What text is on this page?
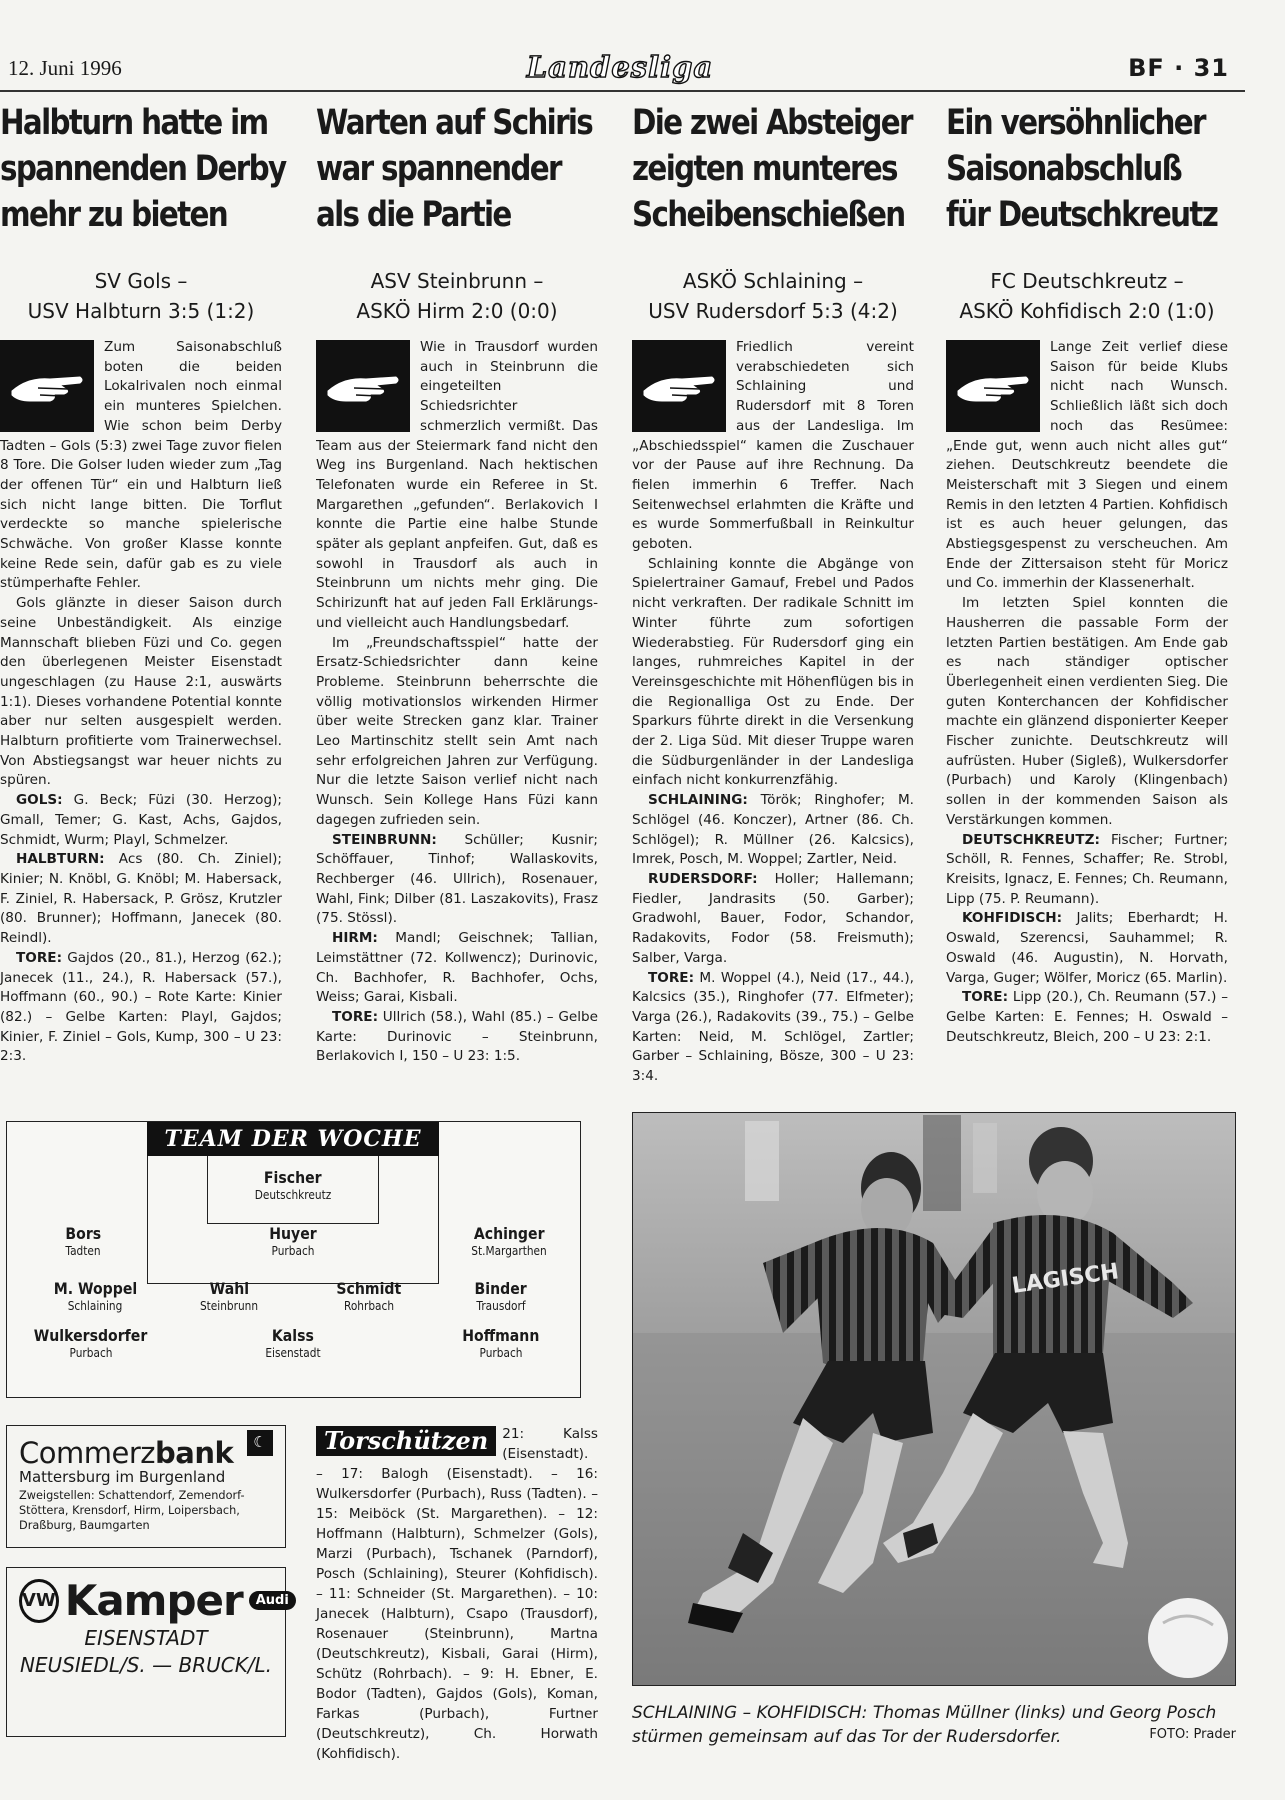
12. Juni 1996	Landesliga	BF · 31
Halbturn hatte im
spannenden Derby
mehr zu bieten
SV Gols –
USV Halbturn 3:5 (1:2)

Zum Saisonabschluß boten die beiden Lokalrivalen noch einmal ein munteres Spielchen. Wie schon beim Derby Tadten – Gols (5:3) zwei Tage zuvor fielen 8 Tore. Die Golser luden wieder zum „Tag der offenen Tür“ ein und Halbturn ließ sich nicht lange bitten. Die Torflut verdeckte so manche spielerische Schwäche. Von großer Klasse konnte keine Rede sein, dafür gab es zu viele stümperhafte Fehler.

Gols glänzte in dieser Saison durch seine Unbeständigkeit. Als einzige Mannschaft blieben Füzi und Co. gegen den überlegenen Meister Eisenstadt ungeschlagen (zu Hause 2:1, auswärts 1:1). Dieses vorhandene Potential konnte aber nur selten ausgespielt werden. Halbturn profitierte vom Trainerwechsel. Von Abstiegsangst war heuer nichts zu spüren.

GOLS: G. Beck; Füzi (30. Herzog); Gmall, Temer; G. Kast, Achs, Gajdos, Schmidt, Wurm; Playl, Schmelzer.

HALBTURN: Acs (80. Ch. Ziniel); Kinier; N. Knöbl, G. Knöbl; M. Habersack, F. Ziniel, R. Habersack, P. Grösz, Krutzler (80. Brunner); Hoffmann, Janecek (80. Reindl).

TORE: Gajdos (20., 81.), Herzog (62.); Janecek (11., 24.), R. Habersack (57.), Hoffmann (60., 90.) – Rote Karte: Kinier (82.) – Gelbe Karten: Playl, Gajdos; Kinier, F. Ziniel – Gols, Kump, 300 – U 23: 2:3.

Warten auf Schiris
war spannender
als die Partie
ASV Steinbrunn –
ASKÖ Hirm 2:0 (0:0)

Wie in Trausdorf wurden auch in Steinbrunn die eingeteilten Schiedsrichter schmerzlich vermißt. Das Team aus der Steiermark fand nicht den Weg ins Burgenland. Nach hektischen Telefonaten wurde ein Referee in St. Margarethen „gefunden“. Berlakovich I konnte die Partie eine halbe Stunde später als geplant anpfeifen. Gut, daß es sowohl in Trausdorf als auch in Steinbrunn um nichts mehr ging. Die Schirizunft hat auf jeden Fall Erklärungs- und vielleicht auch Handlungsbedarf.

Im „Freundschaftsspiel“ hatte der Ersatz-Schiedsrichter dann keine Probleme. Steinbrunn beherrschte die völlig motivationslos wirkenden Hirmer über weite Strecken ganz klar. Trainer Leo Martinschitz stellt sein Amt nach sehr erfolgreichen Jahren zur Verfügung. Nur die letzte Saison verlief nicht nach Wunsch. Sein Kollege Hans Füzi kann dagegen zufrieden sein.

STEINBRUNN: Schüller; Kusnir; Schöffauer, Tinhof; Wallaskovits, Rechberger (46. Ullrich), Rosenauer, Wahl, Fink; Dilber (81. Laszakovits), Frasz (75. Stössl).

HIRM: Mandl; Geischnek; Tallian, Leimstättner (72. Kollwencz); Durinovic, Ch. Bachhofer, R. Bachhofer, Ochs, Weiss; Garai, Kisbali.

TORE: Ullrich (58.), Wahl (85.) – Gelbe Karte: Durinovic – Steinbrunn, Berlakovich I, 150 – U 23: 1:5.

Die zwei Absteiger
zeigten munteres
Scheibenschießen
ASKÖ Schlaining –
USV Rudersdorf 5:3 (4:2)

Friedlich vereint verabschiedeten sich Schlaining und Rudersdorf mit 8 Toren aus der Landesliga. Im „Abschiedsspiel“ kamen die Zuschauer vor der Pause auf ihre Rechnung. Da fielen immerhin 6 Treffer. Nach Seitenwechsel erlahmten die Kräfte und es wurde Sommerfußball in Reinkultur geboten.

Schlaining konnte die Abgänge von Spielertrainer Gamauf, Frebel und Pados nicht verkraften. Der radikale Schnitt im Winter führte zum sofortigen Wiederabstieg. Für Rudersdorf ging ein langes, ruhmreiches Kapitel in der Vereinsgeschichte mit Höhenflügen bis in die Regionalliga Ost zu Ende. Der Sparkurs führte direkt in die Versenkung der 2. Liga Süd. Mit dieser Truppe waren die Südburgenländer in der Landesliga einfach nicht konkurrenzfähig.

SCHLAINING: Török; Ringhofer; M. Schlögel (46. Konczer), Artner (86. Ch. Schlögel); R. Müllner (26. Kalcsics), Imrek, Posch, M. Woppel; Zartler, Neid.

RUDERSDORF: Holler; Hallemann; Fiedler, Jandrasits (50. Garber); Gradwohl, Bauer, Fodor, Schandor, Radakovits, Fodor (58. Freismuth); Salber, Varga.

TORE: M. Woppel (4.), Neid (17., 44.), Kalcsics (35.), Ringhofer (77. Elfmeter); Varga (26.), Radakovits (39., 75.) – Gelbe Karten: Neid, M. Schlögel, Zartler; Garber – Schlaining, Bösze, 300 – U 23: 3:4.

Ein versöhnlicher
Saisonabschluß
für Deutschkreutz
FC Deutschkreutz –
ASKÖ Kohfidisch 2:0 (1:0)

Lange Zeit verlief diese Saison für beide Klubs nicht nach Wunsch. Schließlich läßt sich doch noch das Resümee: „Ende gut, wenn auch nicht alles gut“ ziehen. Deutschkreutz beendete die Meisterschaft mit 3 Siegen und einem Remis in den letzten 4 Partien. Kohfidisch ist es auch heuer gelungen, das Abstiegsgespenst zu verscheuchen. Am Ende der Zittersaison steht für Moricz und Co. immerhin der Klassenerhalt.

Im letzten Spiel konnten die Hausherren die passable Form der letzten Partien bestätigen. Am Ende gab es nach ständiger optischer Überlegenheit einen verdienten Sieg. Die guten Konterchancen der Kohfidischer machte ein glänzend disponierter Keeper Fischer zunichte. Deutschkreutz will aufrüsten. Huber (Sigleß), Wulkersdorfer (Purbach) und Karoly (Klingenbach) sollen in der kommenden Saison als Verstärkungen kommen.

DEUTSCHKREUTZ: Fischer; Furtner; Schöll, R. Fennes, Schaffer; Re. Strobl, Kreisits, Ignacz, E. Fennes; Ch. Reumann, Lipp (75. P. Reumann).

KOHFIDISCH: Jalits; Eberhardt; H. Oswald, Szerencsi, Sauhammel; R. Oswald (46. Augustin), N. Horvath, Varga, Guger; Wölfer, Moricz (65. Marlin).

TORE: Lipp (20.), Ch. Reumann (57.) – Gelbe Karten: E. Fennes; H. Oswald – Deutschkreutz, Bleich, 200 – U 23: 2:1.

TEAM DER WOCHE
Fischer
Deutschkreutz
Bors
Tadten
Huyer
Purbach
Achinger
St.Margarthen
M. Woppel
Schlaining
Wahl
Steinbrunn
Schmidt
Rohrbach
Binder
Trausdorf
Wulkersdorfer
Purbach
Kalss
Eisenstadt
Hoffmann
Purbach
☾
Commerzbank
Mattersburg im Burgenland
Zweigstellen: Schattendorf, Zemendorf-Stöttera, Krensdorf, Hirm, Loipersbach, Draßburg, Baumgarten
VW Kamper	Audi
EISENSTADT
NEUSIEDL/S. — BRUCK/L.
Torschützen	21: Kalss (Eisenstadt). – 17: Balogh (Eisenstadt). – 16: Wulkersdorfer (Purbach), Russ (Tadten). – 15: Meiböck (St. Margarethen). – 12: Hoffmann (Halbturn), Schmelzer (Gols), Marzi (Purbach), Tschanek (Parndorf), Posch (Schlaining), Steurer (Kohfidisch). – 11: Schneider (St. Margarethen). – 10: Janecek (Halbturn), Csapo (Trausdorf), Rosenauer (Steinbrunn), Martna (Deutschkreutz), Kisbali, Garai (Hirm), Schütz (Rohrbach). – 9: H. Ebner, E. Bodor (Tadten), Gajdos (Gols), Koman, Farkas (Purbach), Furtner (Deutschkreutz), Ch. Horwath (Kohfidisch).
LAGISCH
SCHLAINING – KOHFIDISCH: Thomas Müllner (links) und Georg Posch stürmen gemeinsam auf das Tor der Rudersdorfer.	FOTO: Prader
